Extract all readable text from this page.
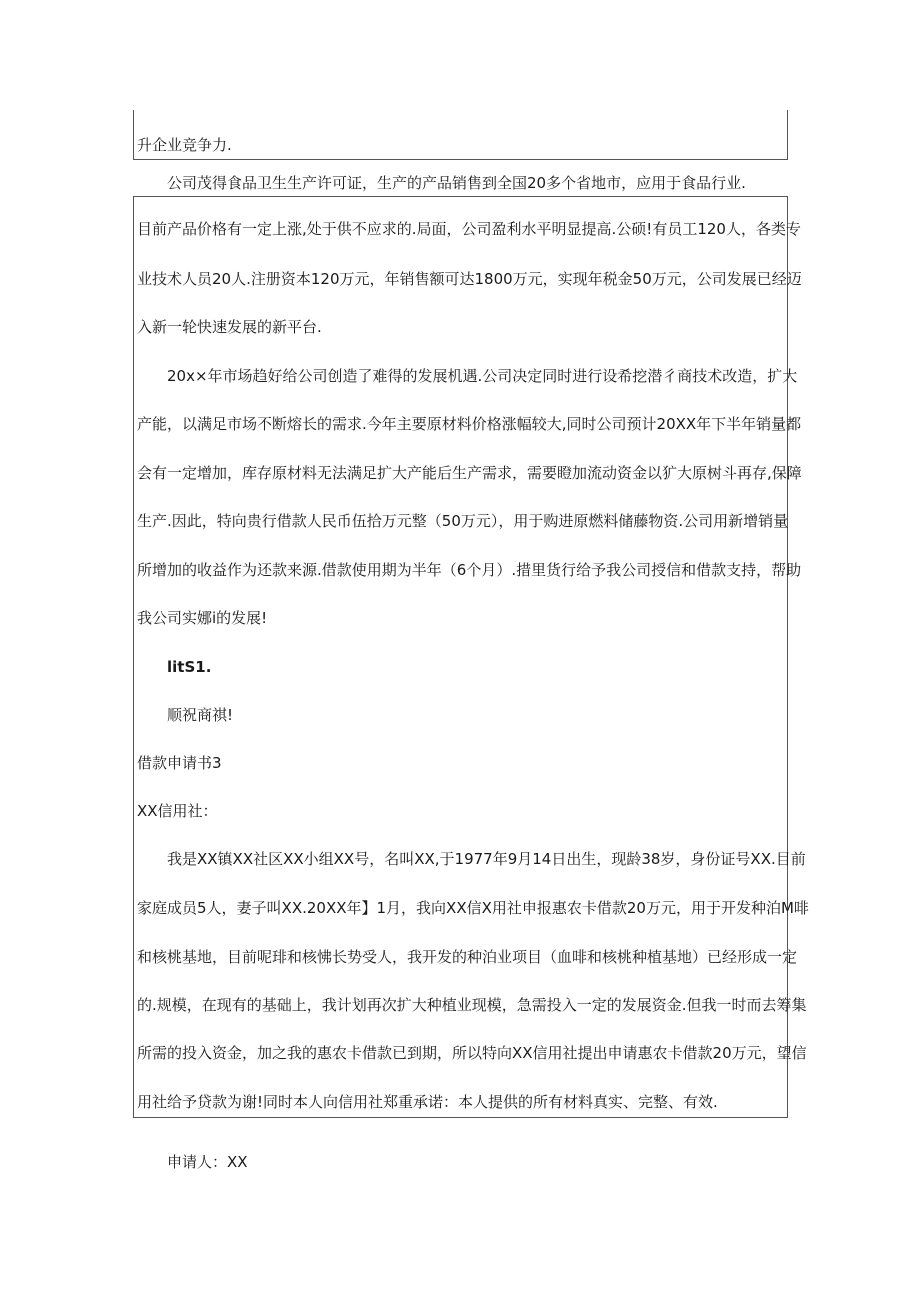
升企业竞争力.
公司茂得食品卫生生产许可证，生产的产品销售到全国20多个省地市，应用于食品行业.
目前产品价格有一定上涨,处于供不应求的.局面，公司盈利水平明显提高.公硕!有员工120人，各类专
业技术人员20人.注册资本120万元，年销售额可达1800万元，实现年税金50万元，公司发展已经迈
入新一轮快速发展的新平台.
20x×年市场趋好给公司创造了难得的发展机遇.公司决定同时进行设希挖潜彳商技术改造，扩大
产能，以满足市场不断熔长的需求.今年主要原材料价格涨幅较大,同时公司预计20XX年下半年销量都
会有一定增加，库存原材料无法满足扩大产能后生产需求，需要瞪加流动资金以犷大原树斗再存,保障
生产.因此，特向贵行借款人民币伍拾万元整（50万元），用于购进原燃料储藤物资.公司用新增销量
所增加的收益作为还款来源.借款使用期为半年（6个月）.措里货行给予我公司授信和借款支持，帮助
我公司实娜i的发展!
litS1.
顺祝商祺!
借款申请书3
XX信用社：
我是XX镇XX社区XX小组XX号，名叫XX,于1977年9月14日出生，现龄38岁，身份证号XX.目前
家庭成员5人，妻子叫XX.20XX年】1月，我向XX信X用社申报惠农卡借款20万元，用于开发种泊M啡
和核桃基地，目前呢琲和核怫长势受人，我开发的种泊业项目（血啡和核桃种植基地）已经形成一定
的.规模，在现有的基础上，我计划再次扩大种植业现模，急需投入一定的发展资金.但我一时而去筹集
所需的投入资金，加之我的惠农卡借款已到期，所以特向XX信用社提出申请惠农卡借款20万元，望信
用社给予贷款为谢!同时本人向信用社郑重承诺：本人提供的所有材料真实、完整、有效.
申请人：XX
